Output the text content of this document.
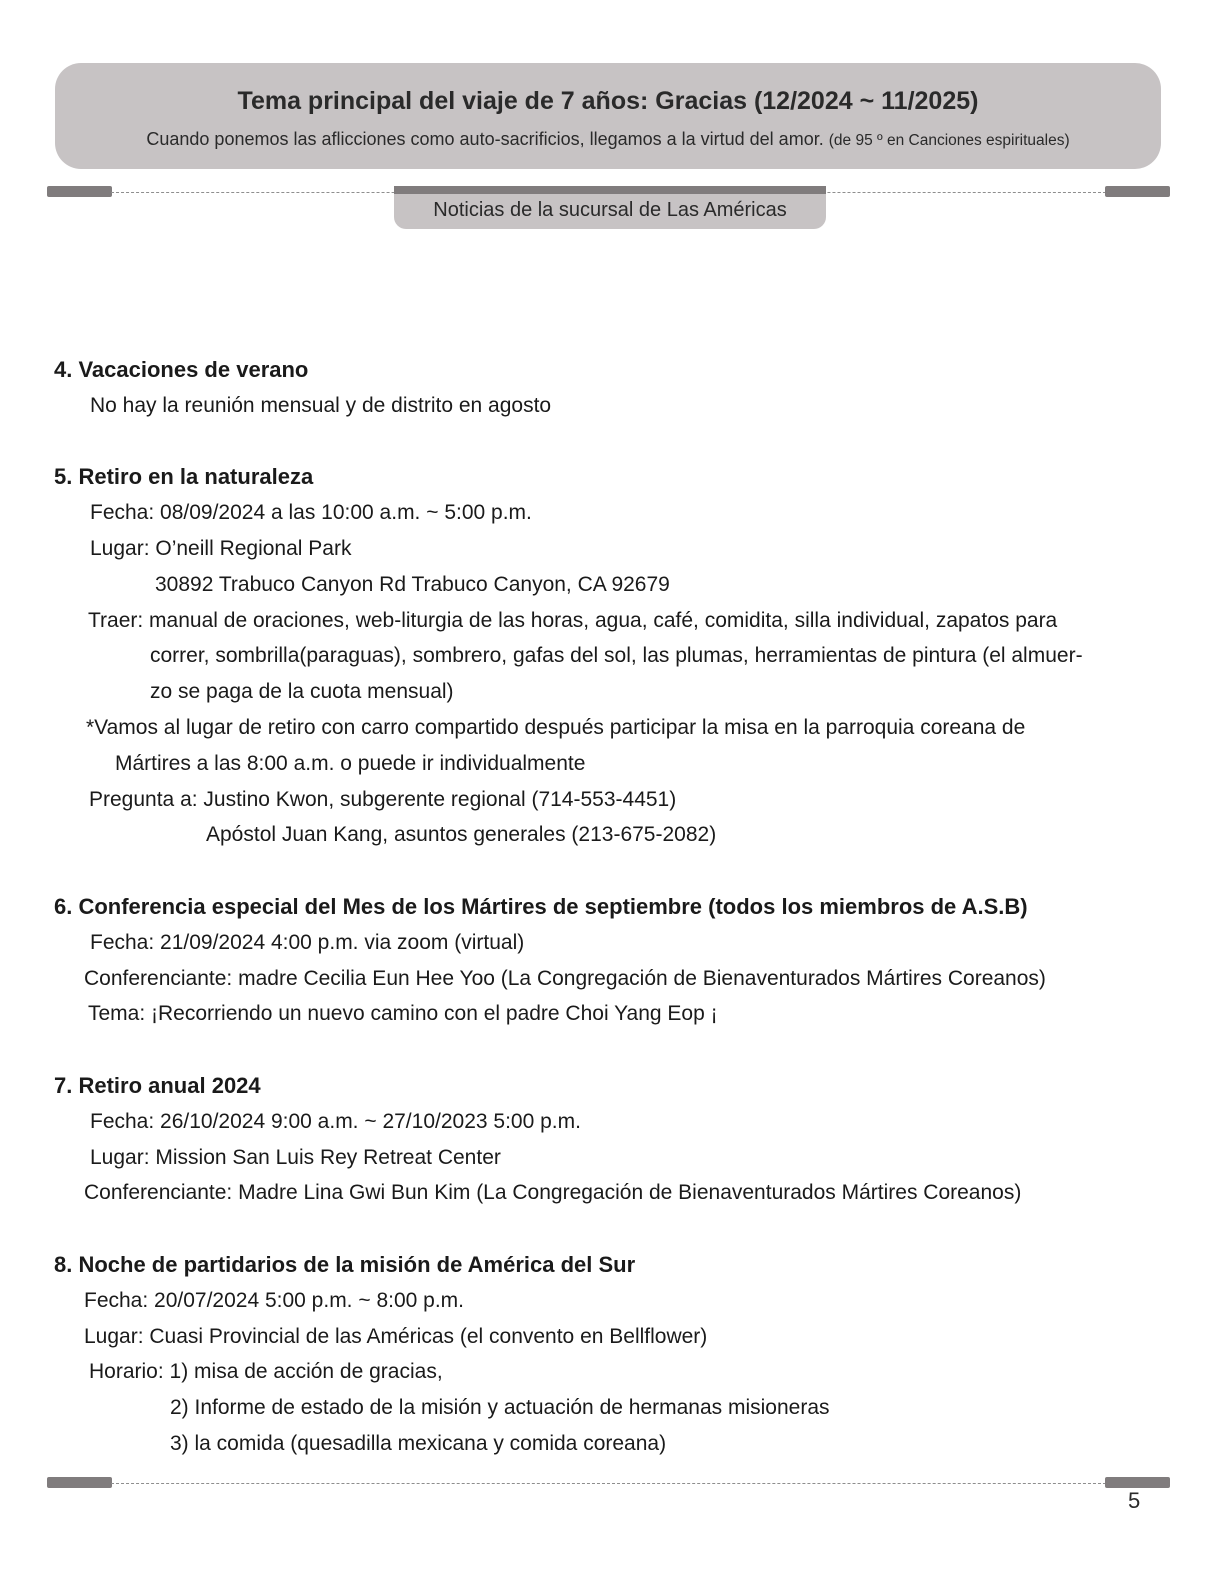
Tema principal del viaje de 7 años: Gracias (12/2024 ~ 11/2025)
Cuando ponemos las aflicciones como auto-sacrificios, llegamos a la virtud del amor. (de 95 º en Canciones espirituales)
Noticias de la sucursal de Las Américas
4. Vacaciones de verano
No hay la reunión mensual y de distrito en agosto
5. Retiro en la naturaleza
Fecha: 08/09/2024 a las 10:00 a.m. ~ 5:00 p.m.
Lugar: O’neill Regional Park
30892 Trabuco Canyon Rd Trabuco Canyon, CA 92679
Traer: manual de oraciones, web-liturgia de las horas, agua, café, comidita, silla individual, zapatos para
correr, sombrilla(paraguas), sombrero, gafas del sol, las plumas, herramientas de pintura (el almuer-
zo se paga de la cuota mensual)
*Vamos al lugar de retiro con carro compartido después participar la misa en la parroquia coreana de
Mártires a las 8:00 a.m. o puede ir individualmente
Pregunta a: Justino Kwon, subgerente regional (714-553-4451)
Apóstol Juan Kang, asuntos generales (213-675-2082)
6. Conferencia especial del Mes de los Mártires de septiembre (todos los miembros de A.S.B)
Fecha: 21/09/2024 4:00 p.m. via zoom (virtual)
Conferenciante: madre Cecilia Eun Hee Yoo (La Congregación de Bienaventurados Mártires Coreanos)
Tema: ¡Recorriendo un nuevo camino con el padre Choi Yang Eop ¡
7. Retiro anual 2024
Fecha: 26/10/2024 9:00 a.m. ~ 27/10/2023 5:00 p.m.
Lugar: Mission San Luis Rey Retreat Center
Conferenciante: Madre Lina Gwi Bun Kim (La Congregación de Bienaventurados Mártires Coreanos)
8. Noche de partidarios de la misión de América del Sur
Fecha: 20/07/2024 5:00 p.m. ~ 8:00 p.m.
Lugar: Cuasi Provincial de las Américas (el convento en Bellflower)
Horario: 1) misa de acción de gracias,
2) Informe de estado de la misión y actuación de hermanas misioneras
3) la comida (quesadilla mexicana y comida coreana)
5
